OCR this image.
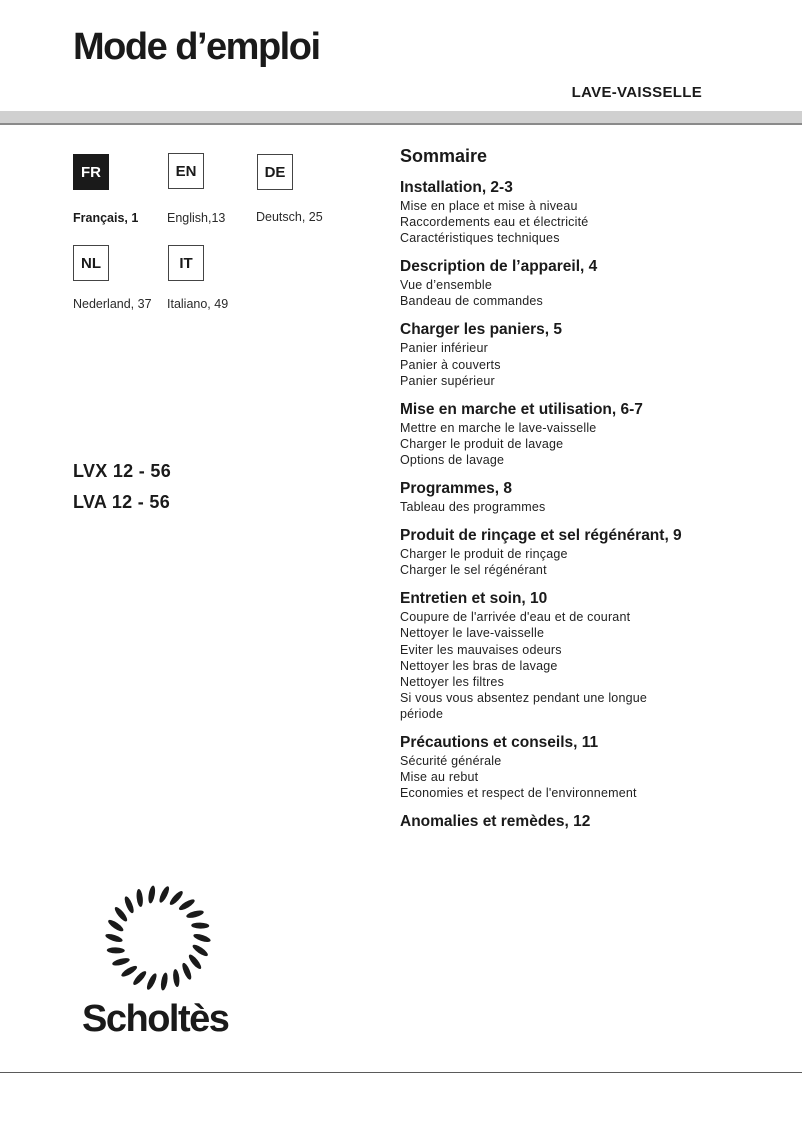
Mode d’emploi
LAVE-VAISSELLE
FR	EN	DE
Français, 1 English,13 Deutsch, 25
NL	IT
Nederland, 37 Italiano, 49
LVX 12 - 56
LVA 12 - 56
Sommaire
Installation, 2-3
Mise en place et mise à niveau
Raccordements eau et électricité
Caractéristiques techniques
Description de l’appareil, 4
Vue d’ensemble
Bandeau de commandes
Charger les paniers, 5
Panier inférieur
Panier à couverts
Panier supérieur
Mise en marche et utilisation, 6-7
Mettre en marche le lave-vaisselle
Charger le produit de lavage
Options de lavage
Programmes, 8
Tableau des programmes
Produit de rinçage et sel régénérant, 9
Charger le produit de rinçage
Charger le sel régénérant
Entretien et soin, 10
Coupure de l'arrivée d'eau et de courant
Nettoyer le lave-vaisselle
Eviter les mauvaises odeurs
Nettoyer les bras de lavage
Nettoyer les filtres
Si vous vous absentez pendant une longue période
Précautions et conseils, 11
Sécurité générale
Mise au rebut
Economies et respect de l'environnement
Anomalies et remèdes, 12
Scholtès
